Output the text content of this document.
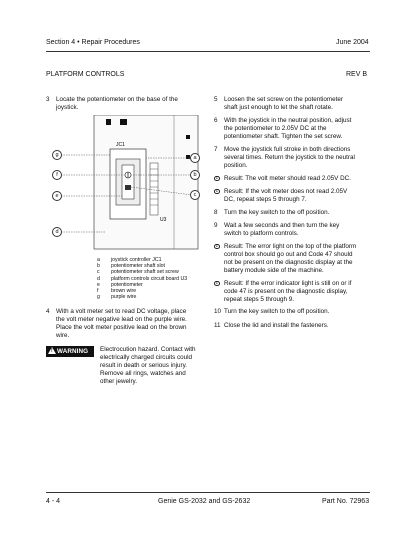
Section 4 • Repair Procedures	June 2004
PLATFORM CONTROLS	REV B
3 Locate the potentiometer on the base of the
joystick.
JC1
U3
g
f
e
d
a
b
c
a	joystick controller JC1
b	potentiometer shaft slot
c	potentiometer shaft set screw
d	platform controls circuit board U3
e	potentiometer
f	brown wire
g	purple wire
4 With a volt meter set to read DC voltage, place
the volt meter negative lead on the purple wire.
Place the volt meter positive lead on the brown
wire.
! WARNING	Electrocution hazard. Contact with
electrically charged circuits could
result in death or serious injury.
Remove all rings, watches and
other jewelry.
5 Loosen the set screw on the potentiometer
shaft just enough to let the shaft rotate.
6 With the joystick in the neutral position, adjust
the potentiometer to 2.05V DC at the
potentiometer shaft. Tighten the set screw.
7 Move the joystick full stroke in both directions
several times. Return the joystick to the neutral
position.
⚬ Result: The volt meter should read 2.05V DC.
⚬ Result: If the volt meter does not read 2.05V
DC, repeat steps 5 through 7.
8 Turn the key switch to the off position.
9 Wait a few seconds and then turn the key
switch to platform controls.
⚬ Result: The error light on the top of the platform
control box should go out and Code 47 should
not be present on the diagnostic display at the
battery module side of the machine.
⚬ Result: If the error indicator light is still on or if
code 47 is present on the diagnostic display,
repeat steps 5 through 9.
10 Turn the key switch to the off position.
11 Close the lid and install the fasteners.
4 - 4	Genie GS-2032 and GS-2632	Part No. 72963
